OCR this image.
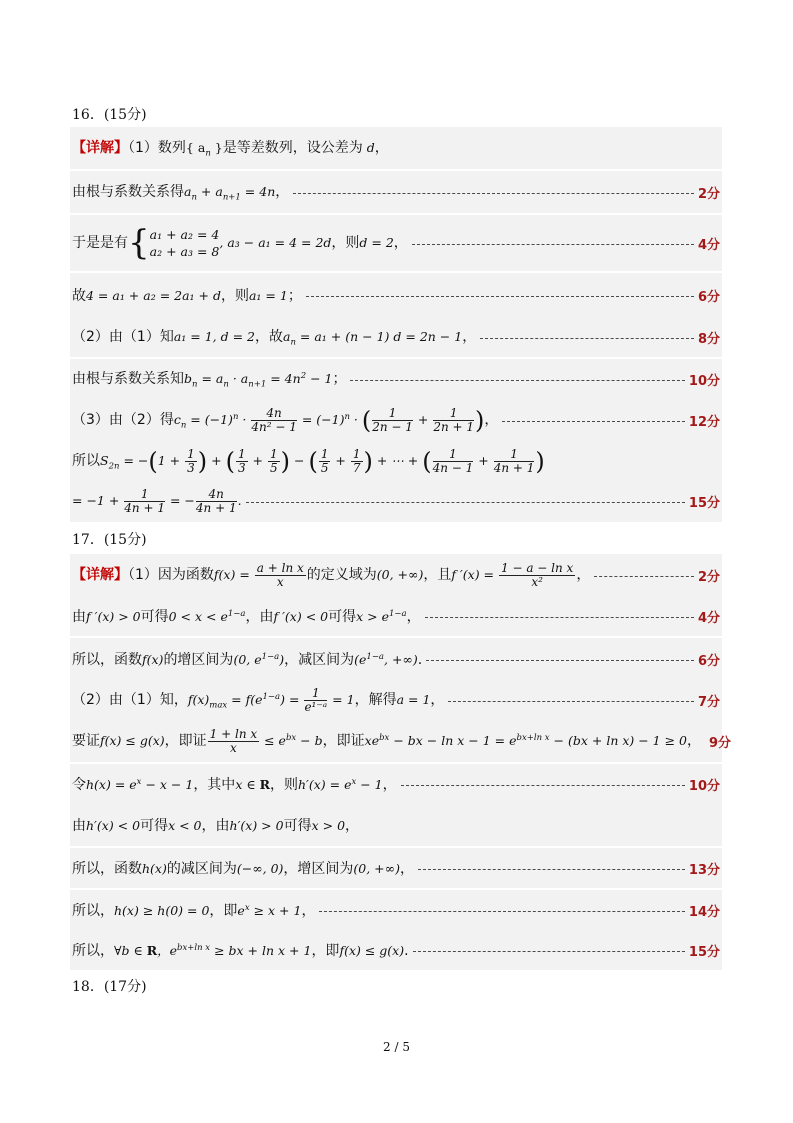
16．(15分)
【详解】（1）数列{ $a_n$ }是等差数列，设公差为 d，
由根与系数关系得$a_n + a_{n+1} = 4n$，	2分
于是是有 { a₁ + a₂ = 4
a₂ + a₃ = 8
, a₃ − a₁ = 4 = 2d，则d = 2，	4分
故4 = a₁ + a₂ = 2a₁ + d，则a₁ = 1；	6分
（2）由（1）知a₁ = 1, d = 2，故$a_n = a_1 + (n - 1) d = 2n - 1$，	8分
由根与系数关系知$b_n = a_n \cdot a_{n+1} = 4n^2 - 1$；	10分
（3）由（2）得$c_n = (-1)^n \cdot \frac{4n}{\text{4n² − 1}} = (-1)^n$ · ( $\frac{1}{2n - 1} + \frac{1}{2n + 1}$ )，	12分
所以$S_{2n} = -(1 + \frac{1}{3}$ ) + ( $\frac{1}{3} + \frac{1}{5}$ ) − ( $\frac{1}{5} + \frac{1}{7}$ ) + ⋯ + ( $\frac{1}{4n - 1} + \frac{1}{4n + 1}$ )
= $-1 + \frac{1}{4n + 1}$ = − $\frac{4n}{4n + 1}$ .	15分
17．(15分)
【详解】（1）因为函数$f(x) = \frac{\text{a + ln x}}{x}$ 的定义域为(0, +∞)，且f $'(x) = \frac{\text{1 − a − ln x}}{\text{x²}}$ ，	2分
由f ′(x) > 0可得$0 < x < e^{1-a}$，由f ′(x) < 0可得$x > e^{1-a}$，	4分
所以，函数f(x)的增区间为(0, $e^{1-a}$)，减区间为($e^{1-a}$, +∞).	6分
（2）由（1）知，$f(x)_{max} = f(e^{1-a}) = \frac{1}{\text{e¹⁻ᵃ}} = 1$，解得a = 1，	7分
要证f(x) ≤ g(x)，即证 $\frac{\text{1 + ln x}}{x} \le e^{bx} - b$，即证$xe^{bx}$ − bx − $\ln x - 1 = e^{bx+ln x} - (bx + \ln x) - 1 \ge 0$， 9分
令$h(x) = e^x - x - 1$，其中x ∈ R，则$h'(x) = e^x - 1$，	10分
由h′(x) < 0可得x < 0，由h′(x) > 0可得x > 0，
所以，函数h(x)的减区间为(−∞, 0)，增区间为(0, +∞)，	13分
所以，h(x) ≥ h(0) = 0，即$e^x \ge x + 1$，	14分
所以，∀b ∈ R，$e^{bx+ln x}$ ≥ bx + ln x + 1，即f(x) ≤ g(x).	15分
18．(17分)
2 / 5
